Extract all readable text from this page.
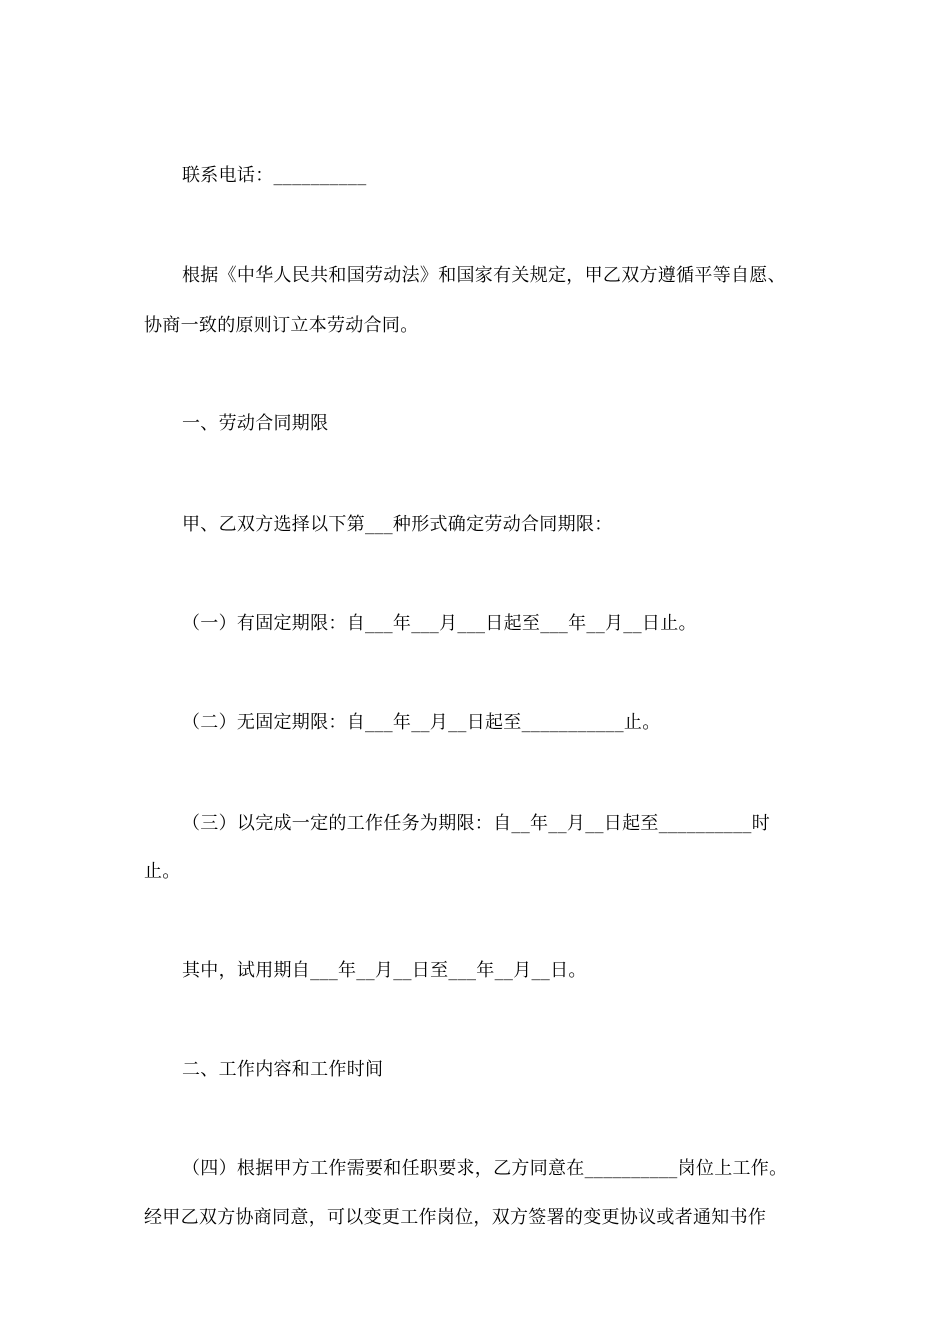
联系电话：__________
根据《中华人民共和国劳动法》和国家有关规定，甲乙双方遵循平等自愿、
协商一致的原则订立本劳动合同。
一、劳动合同期限
甲、乙双方选择以下第___种形式确定劳动合同期限：
（一）有固定期限：自___年___月___日起至___年__月__日止。
（二）无固定期限：自___年__月__日起至___________止。
（三）以完成一定的工作任务为期限：自__年__月__日起至__________时
止。
其中，试用期自___年__月__日至___年__月__日。
二、工作内容和工作时间
（四）根据甲方工作需要和任职要求，乙方同意在__________岗位上工作。
经甲乙双方协商同意，可以变更工作岗位，双方签署的变更协议或者通知书作
